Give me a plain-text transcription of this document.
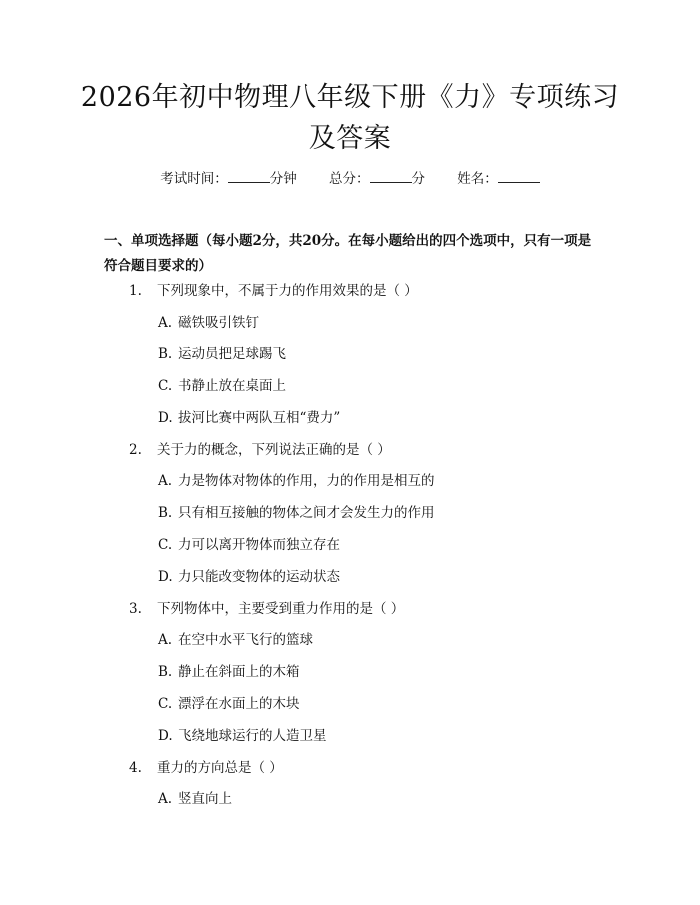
2026年初中物理八年级下册《力》专项练习及答案
考试时间：	分钟 总分：	分 姓名：
一、单项选择题（每小题2分，共20分。在每小题给出的四个选项中，只有一项是符合题目要求的）
1. 下列现象中，不属于力的作用效果的是（ ）
A. 磁铁吸引铁钉
B. 运动员把足球踢飞
C. 书静止放在桌面上
D. 拔河比赛中两队互相“费力”
2. 关于力的概念，下列说法正确的是（ ）
A. 力是物体对物体的作用，力的作用是相互的
B. 只有相互接触的物体之间才会发生力的作用
C. 力可以离开物体而独立存在
D. 力只能改变物体的运动状态
3. 下列物体中，主要受到重力作用的是（ ）
A. 在空中水平飞行的篮球
B. 静止在斜面上的木箱
C. 漂浮在水面上的木块
D. 飞绕地球运行的人造卫星
4. 重力的方向总是（ ）
A. 竖直向上
